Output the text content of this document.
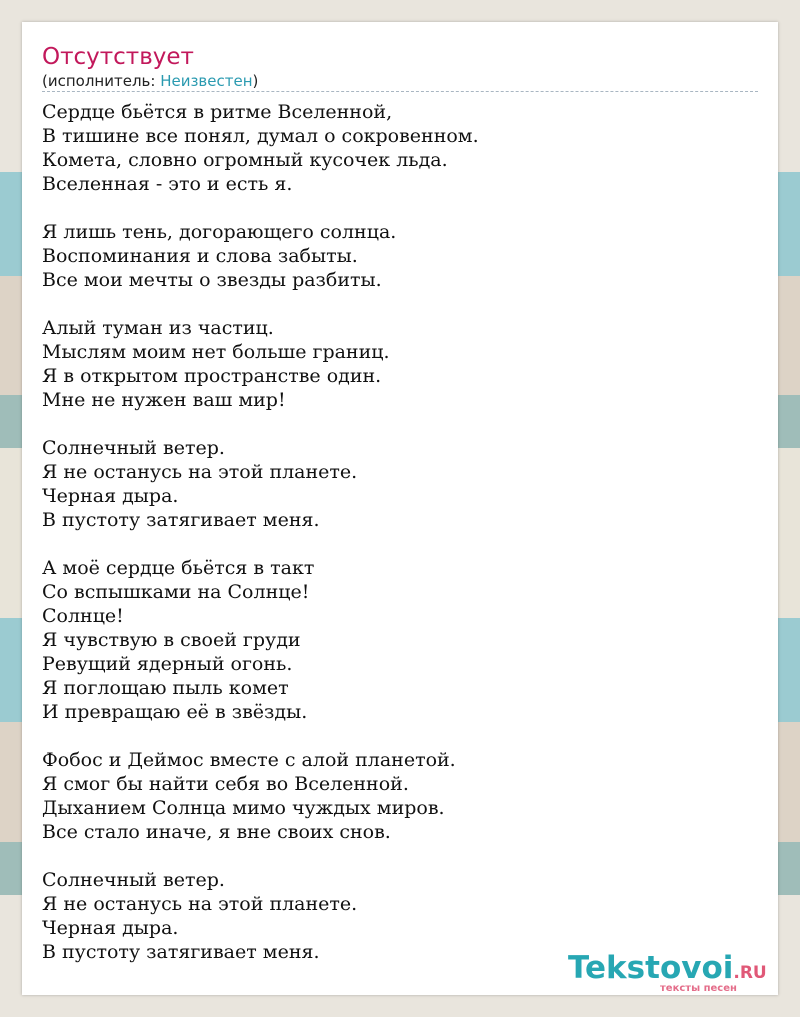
Отсутствует
(исполнитель: Неизвестен)
Сердце бьётся в ритме Вселенной,
В тишине все понял, думал о сокровенном.
Комета, словно огромный кусочек льда.
Вселенная - это и есть я.
Я лишь тень, догорающего солнца.
Воспоминания и слова забыты.
Все мои мечты о звезды разбиты.
Алый туман из частиц.
Мыслям моим нет больше границ.
Я в открытом пространстве один.
Мне не нужен ваш мир!
Солнечный ветер.
Я не останусь на этой планете.
Черная дыра.
В пустоту затягивает меня.
А моё сердце бьётся в такт
Со вспышками на Солнце!
Солнце!
Я чувствую в своей груди
Ревущий ядерный огонь.
Я поглощаю пыль комет
И превращаю её в звёзды.
Фобос и Деймос вместе с алой планетой.
Я смог бы найти себя во Вселенной.
Дыханием Солнца мимо чуждых миров.
Все стало иначе, я вне своих снов.
Солнечный ветер.
Я не останусь на этой планете.
Черная дыра.
В пустоту затягивает меня.	Tekstovoi.RU
тексты песен
